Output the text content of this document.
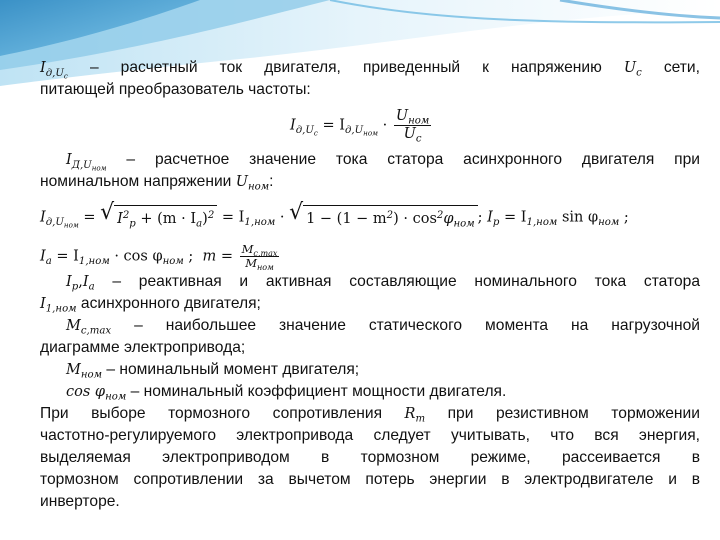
$I_{д,U_c}$ – расчетный ток двигателя, приведенный к напряжению $U_c$ сети,
питающей преобразователь частоты:
$I_{д,U_c} = I_{д,U_{ном}} \cdot \frac{U_{ном}}{U_c}$
$I_{Д,U_{ном}}$ – расчетное значение тока статора асинхронного двигателя при
номинальном напряжении $U_{ном}$:
$I_{д,U_{ном}}$ = √ $I^2_p + (m \cdot I_a)^2 = I_{1,ном}$ · √ $1 - (1 - m^2) \cdot \cos^2\varphi_{ном}$ ; $I_p = I_{1,ном}$ $\sin \varphi_{ном}$ ;
$I_a = I_{1,ном} \cdot \cos \varphi_{ном}$ ; $m = \frac{M_{c,max}}{M_{ном}}$
$I_p,I_a$ – реактивная и активная составляющие номинального тока статора
$I_{1,ном}$ асинхронного двигателя;
$M_{c,max}$ – наибольшее значение статического момента на нагрузочной
диаграмме электропривода;
$M_{ном}$ – номинальный момент двигателя;
$\cos \varphi_{ном}$ – номинальный коэффициент мощности двигателя.
При выборе тормозного сопротивления $R_т$ при резистивном торможении
частотно-регулируемого электропривода следует учитывать, что вся энергия,
выделяемая электроприводом в тормозном режиме, рассеивается в
тормозном сопротивлении за вычетом потерь энергии в электродвигателе и в
инверторе.
